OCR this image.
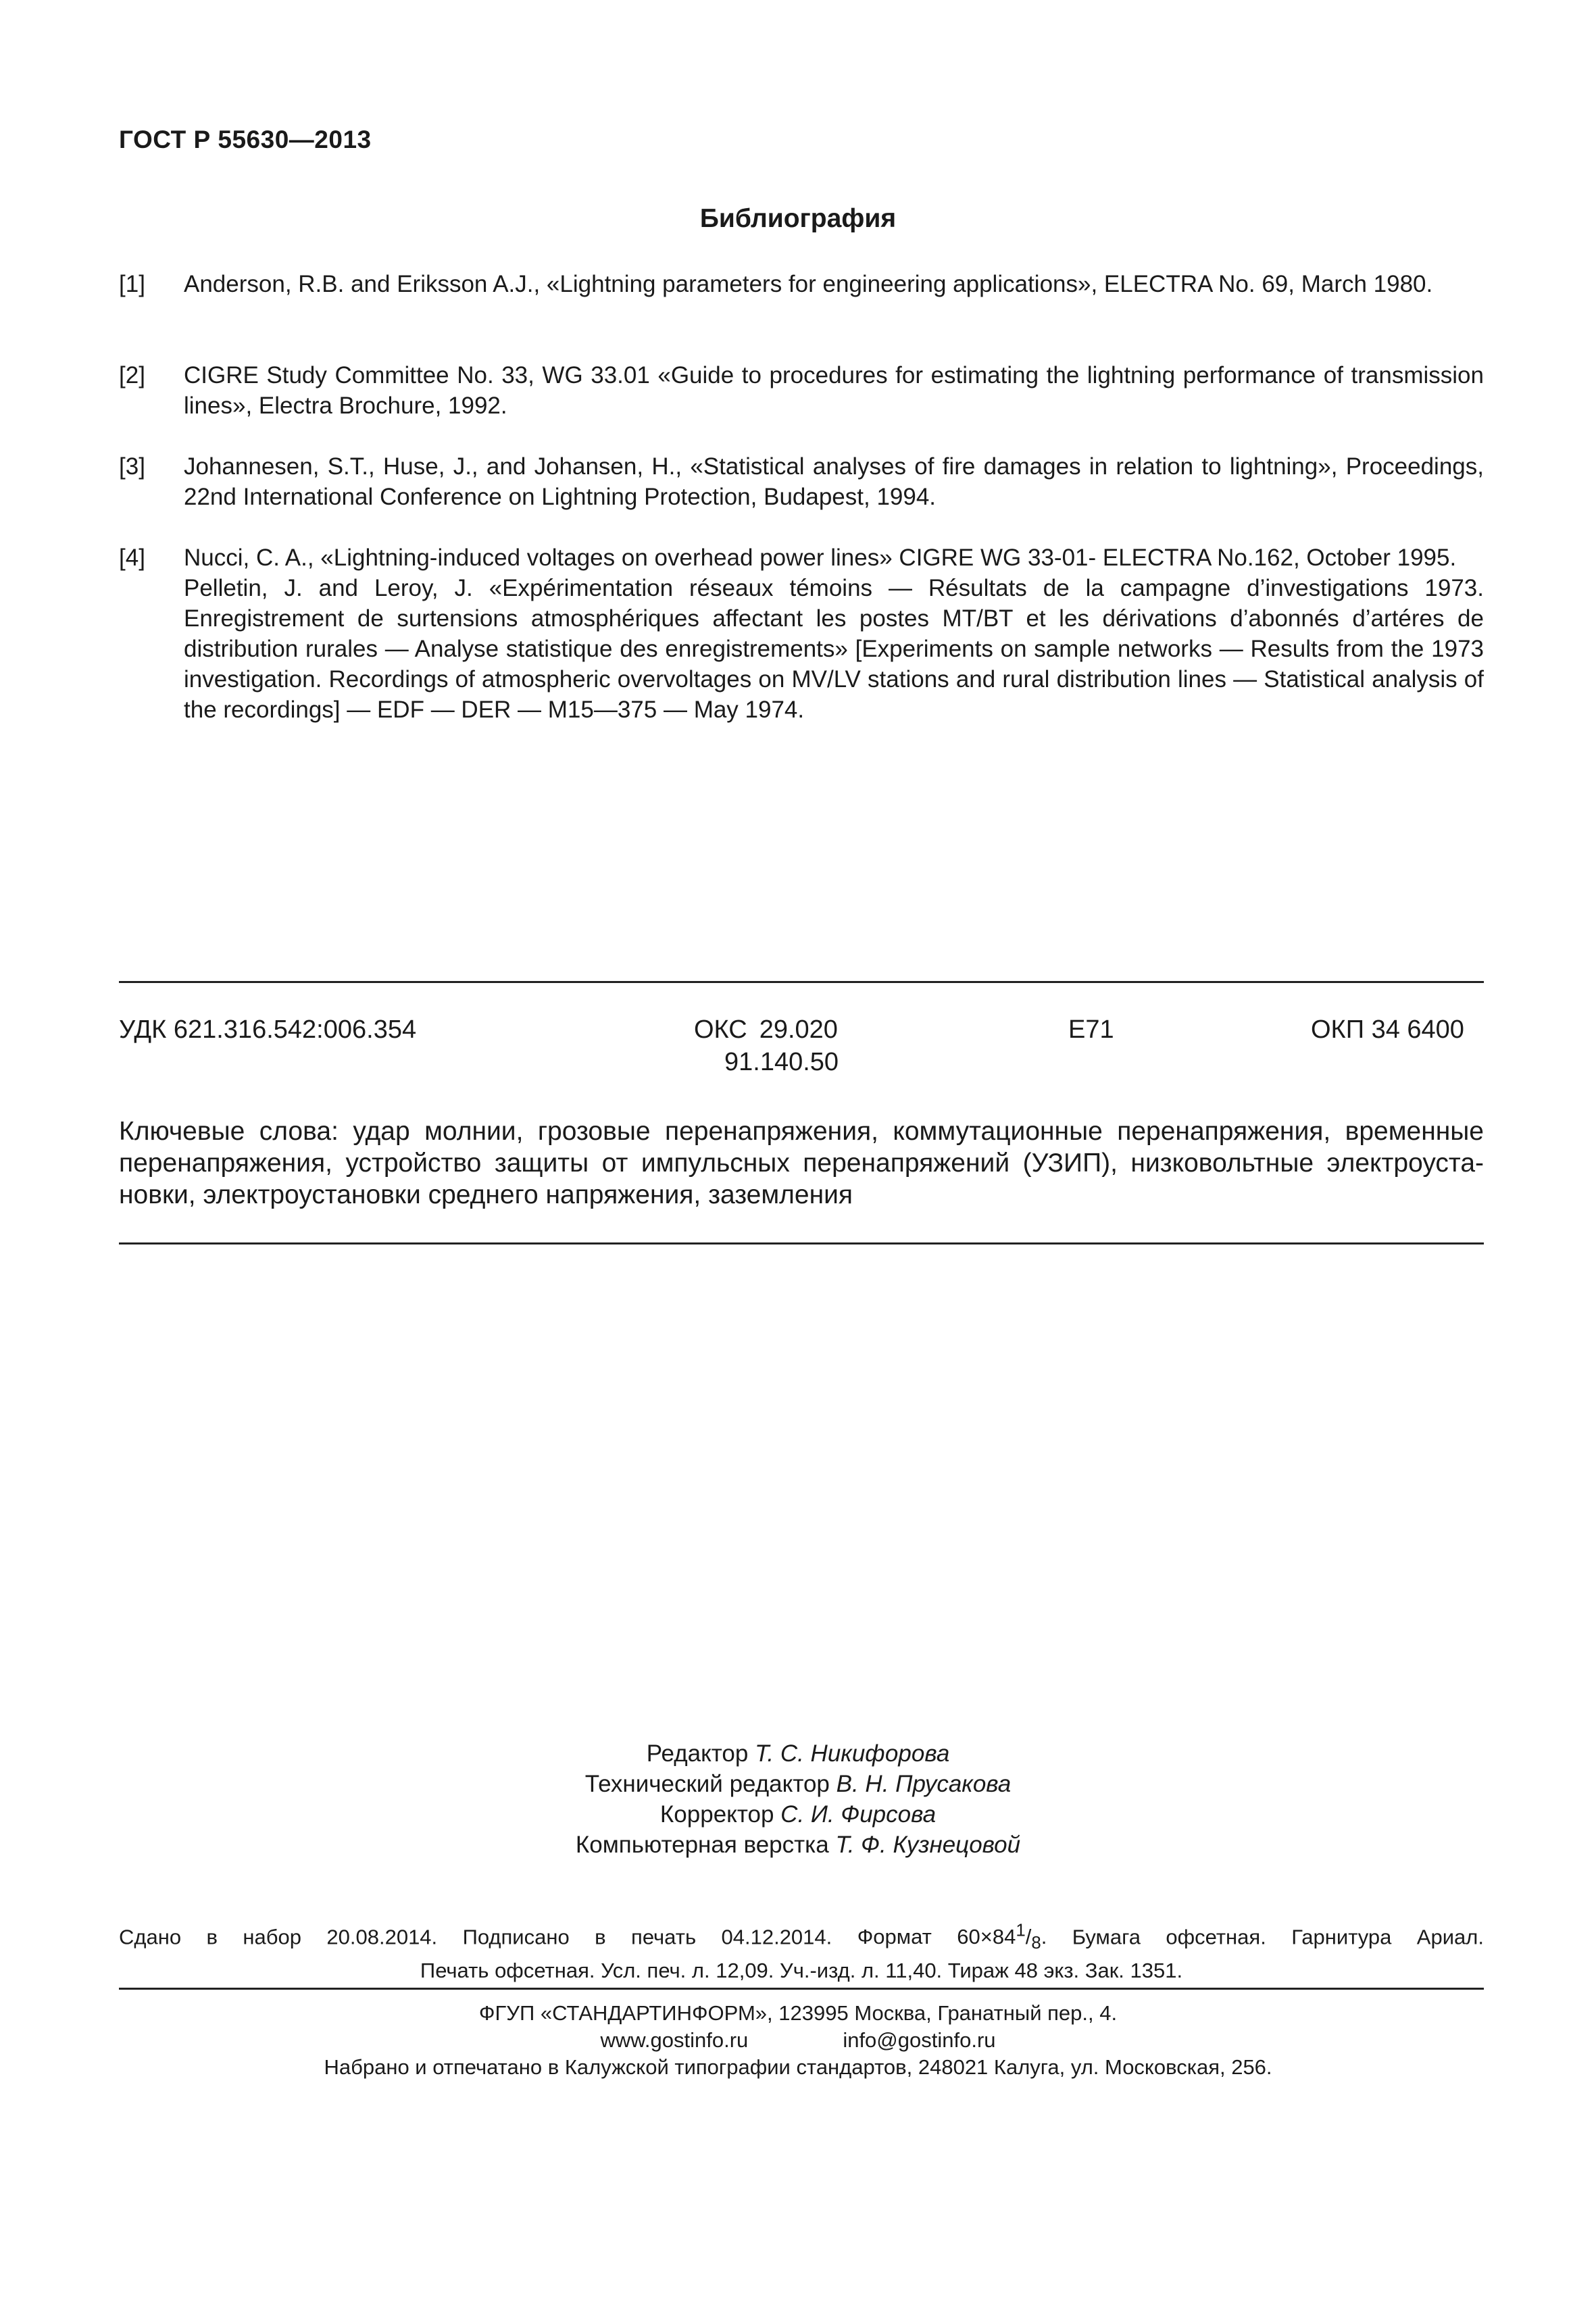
ГОСТ Р 55630—2013
Библиография
[1]	Anderson, R.B. and Eriksson A.J., «Lightning parameters for engineering applications», ELECTRA No. 69, March 1980.
[2]	CIGRE Study Committee No. 33, WG 33.01 «Guide to procedures for estimating the lightning performance of transmission lines», Electra Brochure, 1992.
[3]	Johannesen, S.T., Huse, J., and Johansen, H., «Statistical analyses of fire damages in relation to lightning», Proceedings, 22nd International Conference on Lightning Protection, Budapest, 1994.
[4]	Nucci, C. A., «Lightning-induced voltages on overhead power lines» CIGRE WG 33-01- ELECTRA No.162, October 1995.

Pelletin, J. and Leroy, J. «Expérimentation réseaux témoins — Résultats de la campagne d’investigations 1973. Enregistrement de surtensions atmosphériques affectant les postes MT/BT et les dérivations d’abonnés d’artéres de distribution rurales — Analyse statistique des enregistrements» [Experiments on sample networks — Results from the 1973 investigation. Recordings of atmospheric overvoltages on MV/LV stations and rural distribution lines — Statistical analysis of the recordings] — EDF — DER — M15—375 — May 1974.

УДК 621.316.542:006.354	ОКС 29.020
91.140.50
Е71	ОКП 34 6400
Ключевые слова: удар молнии, грозовые перенапряжения, коммутационные перенапряжения, временные перенапряжения, устройство защиты от импульсных перенапряжений (УЗИП), низковольтные электроуста-новки, электроустановки среднего напряжения, заземления
Редактор Т. С. Никифорова
Технический редактор В. Н. Прусакова
Корректор С. И. Фирсова
Компьютерная верстка Т. Ф. Кузнецовой
Сдано в набор 20.08.2014. Подписано в печать 04.12.2014. Формат $60\times 84^1/_8$. Бумага офсетная. Гарнитура Ариал.
Печать офсетная. Усл. печ. л. 12,09. Уч.-изд. л. 11,40. Тираж 48 экз. Зак. 1351.
ФГУП «СТАНДАРТИНФОРМ», 123995 Москва, Гранатный пер., 4.
www.gostinfo.ru	info@gostinfo.ru
Набрано и отпечатано в Калужской типографии стандартов, 248021 Калуга, ул. Московская, 256.
